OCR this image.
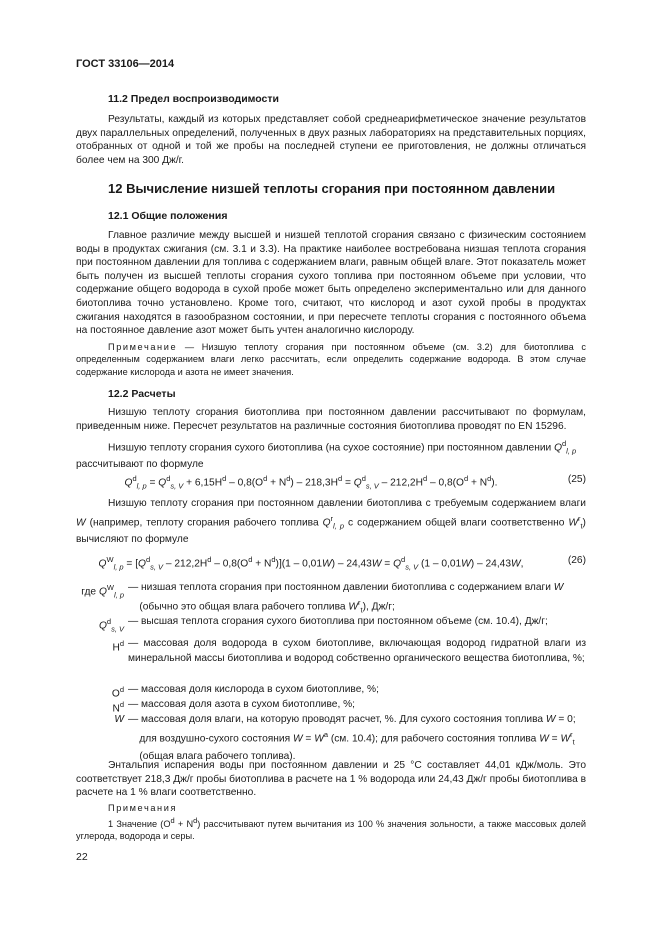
ГОСТ 33106—2014
11.2 Предел воспроизводимости

Результаты, каждый из которых представляет собой среднеарифметическое значение результатов двух параллельных определений, полученных в двух разных лабораториях на представительных порциях, отобранных от одной и той же пробы на последней ступени ее приготовления, не должны отличаться более чем на 300 Дж/г.

12 Вычисление низшей теплоты сгорания при постоянном давлении
12.1 Общие положения

Главное различие между высшей и низшей теплотой сгорания связано с физическим состоянием воды в продуктах сжигания (см. 3.1 и 3.3). На практике наиболее востребована низшая теплота сгорания при постоянном давлении для топлива с содержанием влаги, равным общей влаге. Этот показатель может быть получен из высшей теплоты сгорания сухого топлива при постоянном объеме при условии, что содержание общего водорода в сухой пробе может быть определено экспериментально или для данного биотоплива точно установлено. Кроме того, считают, что кислород и азот сухой пробы в продуктах сжигания находятся в газообразном состоянии, и при пересчете теплоты сгорания с постоянного объема на постоянное давление азот может быть учтен аналогично кислороду.

Примечание — Низшую теплоту сгорания при постоянном объеме (см. 3.2) для биотоплива с определенным содержанием влаги легко рассчитать, если определить содержание водорода. В этом случае содержание кислорода и азота не имеет значения.

12.2 Расчеты

Низшую теплоту сгорания биотоплива при постоянном давлении рассчитывают по формулам, приведенным ниже. Пересчет результатов на различные состояния биотоплива проводят по EN 15296.

Низшую теплоту сгорания сухого биотоплива (на сухое состояние) при постоянном давлении $Q^d_{l, p}$
рассчитывают по формуле

$Q^d_{l, p} = Q^d_{s, V} + 6,15H^d - 0,8(O^d + N^d) - 218,3H^d = Q^d_{s, V} - 212,2H^d - 0,8(O^d + N^d)$.	(25)

Низшую теплоту сгорания при постоянном давлении биотоплива с требуемым содержанием влаги W (например, теплоту сгорания рабочего топлива $Q^r_{l, p}$ с содержанием общей влаги соответственно $W^r_t$) вычисляют по формуле

$Q^W_{l, p} = [Q^d_{s, V} - 212,2H^d - 0,8(O^d + N^d)](1 - 0,01W) - 24,43W = Q^d_{s, V}$ (1 – 0,01W) – 24,43W,	(26)
где $Q^W_{l, p}$
— низшая теплота сгорания при постоянном давлении биотоплива с содержанием влаги W
(обычно это общая влага рабочего топлива $W^r_t$), Дж/г;
$Q^d_{s, V}$
— высшая теплота сгорания сухого биотоплива при постоянном объеме (см. 10.4), Дж/г;
$H^d$ — массовая доля водорода в сухом биотопливе, включающая водород гидратной влаги из минеральной массы биотоплива и водород собственно органического вещества биотоплива, %;
$O^d$ — массовая доля кислорода в сухом биотопливе, %;
$N^d$ — массовая доля азота в сухом биотопливе, %;
W — массовая доля влаги, на которую проводят расчет, %. Для сухого состояния топлива W = 0;
для воздушно-сухого состояния $W = W^a$ (см. 10.4); для рабочего состояния топлива $W = W^r_t$
(общая влага рабочего топлива).

Энтальпия испарения воды при постоянном давлении и 25 °С составляет 44,01 кДж/моль. Это соответствует 218,3 Дж/г пробы биотоплива в расчете на 1 % водорода или 24,43 Дж/г пробы биотоплива в расчете на 1 % влаги соответственно.

Примечания

1 Значение $(O^d + N^d)$ рассчитывают путем вычитания из 100 % значения зольности, а также массовых долей углерода, водорода и серы.

22
